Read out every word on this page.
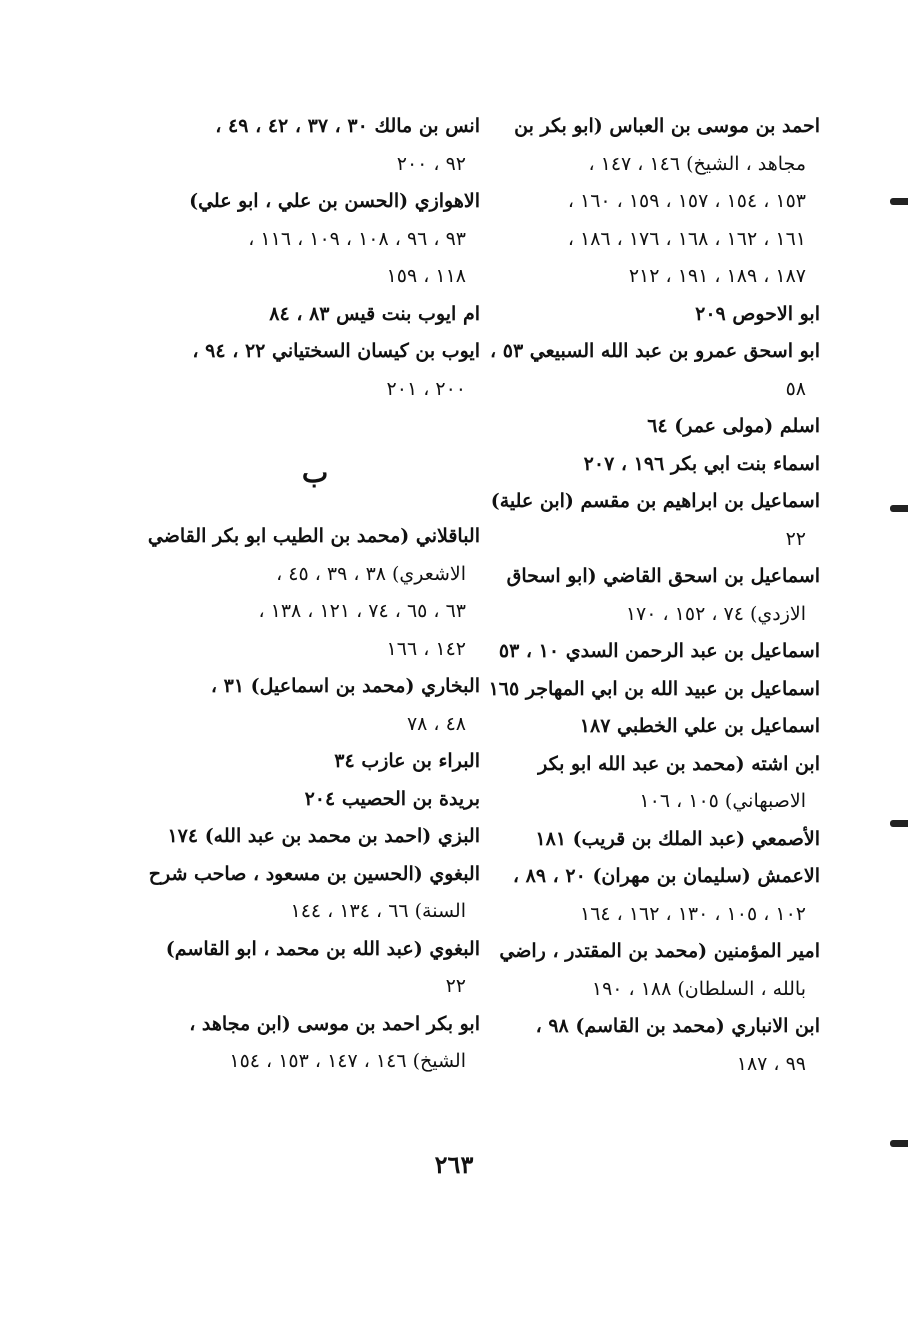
احمد بن موسى بن العباس (ابو بكر بن
مجاهد ، الشيخ) ١٤٦ ، ١٤٧ ،
١٥٣ ، ١٥٤ ، ١٥٧ ، ١٥٩ ، ١٦٠ ،
١٦١ ، ١٦٢ ، ١٦٨ ، ١٧٦ ، ١٨٦ ،
١٨٧ ، ١٨٩ ، ١٩١ ، ٢١٢
ابو الاحوص ٢٠٩
ابو اسحق عمرو بن عبد الله السبيعي ٥٣ ،
٥٨
اسلم (مولى عمر) ٦٤
اسماء بنت ابي بكر ١٩٦ ، ٢٠٧
اسماعيل بن ابراهيم بن مقسم (ابن علية)
٢٢
اسماعيل بن اسحق القاضي (ابو اسحاق
الازدي) ٧٤ ، ١٥٢ ، ١٧٠
اسماعيل بن عبد الرحمن السدي ١٠ ، ٥٣
اسماعيل بن عبيد الله بن ابي المهاجر ١٦٥
اسماعيل بن علي الخطبي ١٨٧
ابن اشته (محمد بن عبد الله ابو بكر
الاصبهاني) ١٠٥ ، ١٠٦
الأصمعي (عبد الملك بن قريب) ١٨١
الاعمش (سليمان بن مهران) ٢٠ ، ٨٩ ،
١٠٢ ، ١٠٥ ، ١٣٠ ، ١٦٢ ، ١٦٤
امير المؤمنين (محمد بن المقتدر ، راضي
بالله ، السلطان) ١٨٨ ، ١٩٠
ابن الانباري (محمد بن القاسم) ٩٨ ،
٩٩ ، ١٨٧
انس بن مالك ٣٠ ، ٣٧ ، ٤٢ ، ٤٩ ،
٩٢ ، ٢٠٠
الاهوازي (الحسن بن علي ، ابو علي)
٩٣ ، ٩٦ ، ١٠٨ ، ١٠٩ ، ١١٦ ،
١١٨ ، ١٥٩
ام ايوب بنت قيس ٨٣ ، ٨٤
ايوب بن كيسان السختياني ٢٢ ، ٩٤ ،
٢٠٠ ، ٢٠١
ب
الباقلاني (محمد بن الطيب ابو بكر القاضي
الاشعري) ٣٨ ، ٣٩ ، ٤٥ ،
٦٣ ، ٦٥ ، ٧٤ ، ١٢١ ، ١٣٨ ،
١٤٢ ، ١٦٦
البخاري (محمد بن اسماعيل) ٣١ ،
٤٨ ، ٧٨
البراء بن عازب ٣٤
بريدة بن الحصيب ٢٠٤
البزي (احمد بن محمد بن عبد الله) ١٧٤
البغوي (الحسين بن مسعود ، صاحب شرح
السنة) ٦٦ ، ١٣٤ ، ١٤٤
البغوي (عبد الله بن محمد ، ابو القاسم)
٢٢
ابو بكر احمد بن موسى (ابن مجاهد ،
الشيخ) ١٤٦ ، ١٤٧ ، ١٥٣ ، ١٥٤
٢٦٣
